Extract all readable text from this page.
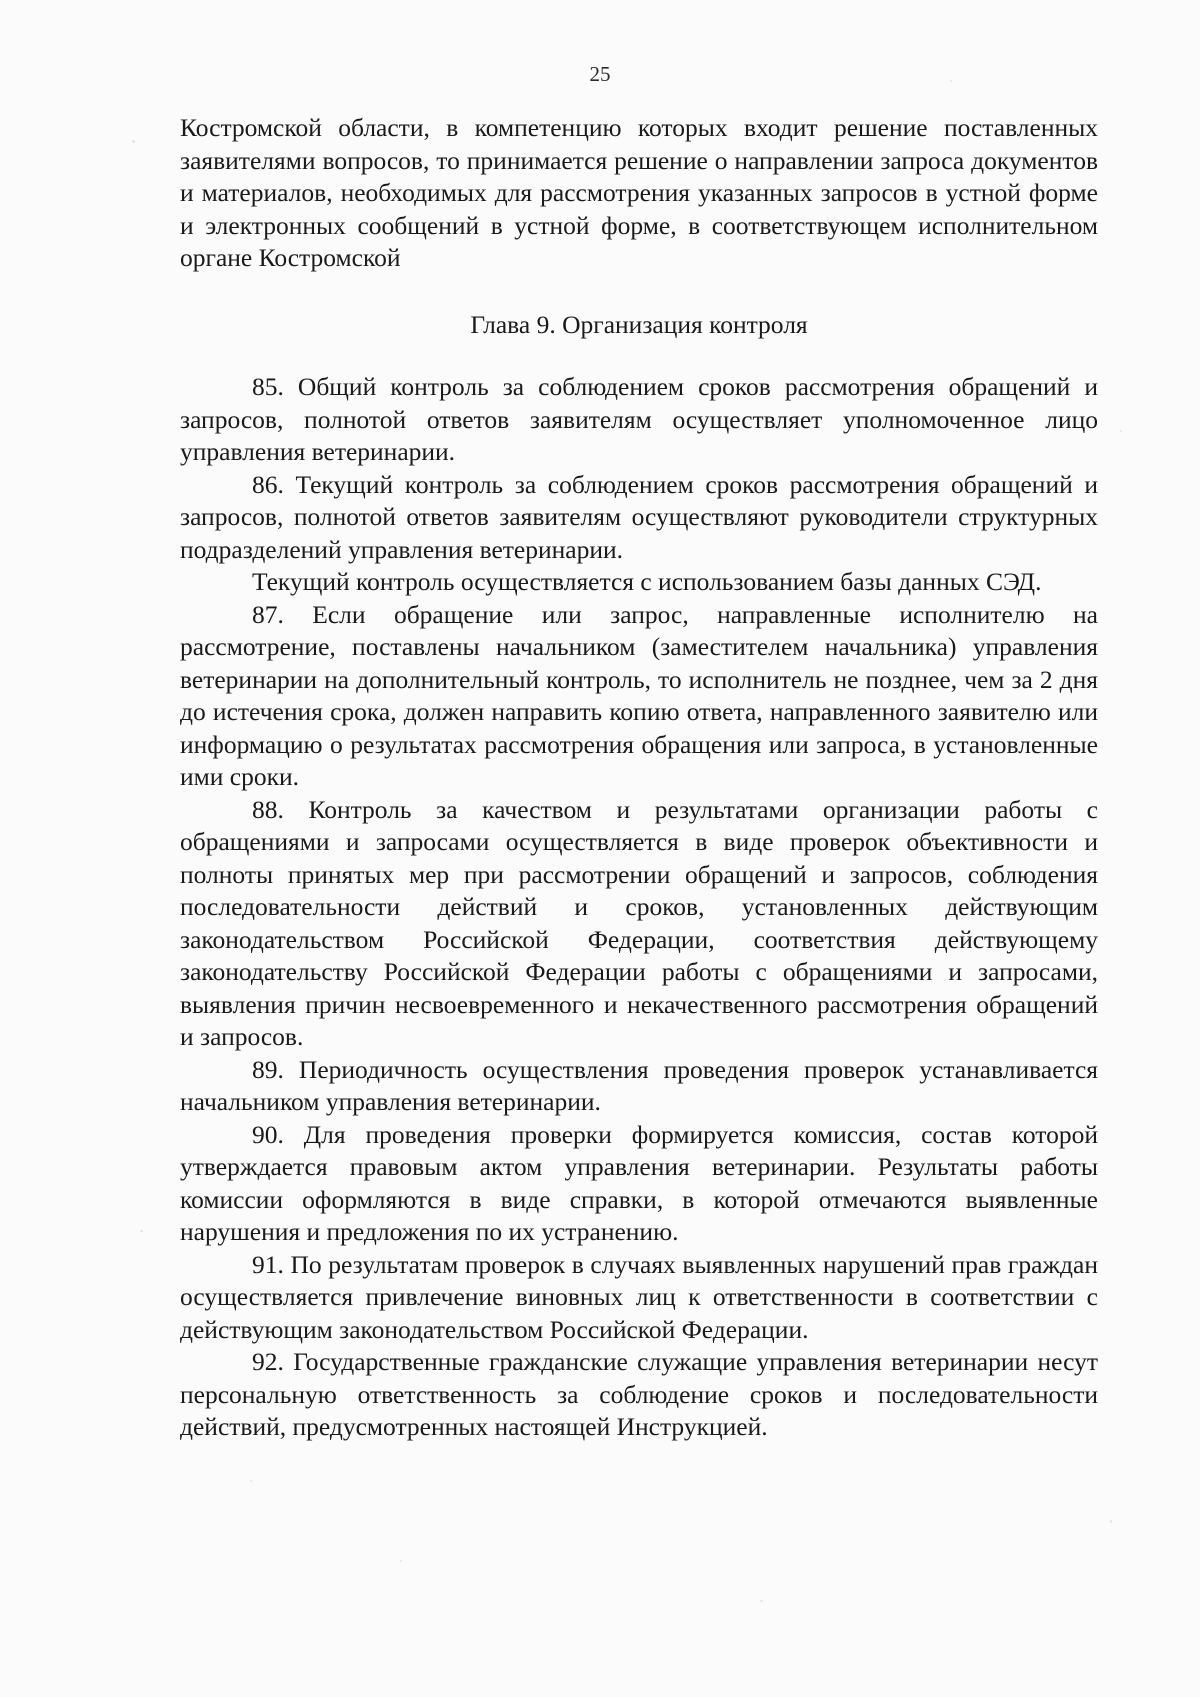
25

Костромской области, в компетенцию которых входит решение поставленных заявителями вопросов, то принимается решение о направлении запроса документов и материалов, необходимых для рассмотрения указанных запросов в устной форме и электронных сообщений в устной форме, в соответствующем исполнительном органе Костромской

Глава 9. Организация контроля

85. Общий контроль за соблюдением сроков рассмотрения обращений и запросов, полнотой ответов заявителям осуществляет уполномоченное лицо управления ветеринарии.

86. Текущий контроль за соблюдением сроков рассмотрения обращений и запросов, полнотой ответов заявителям осуществляют руководители структурных подразделений управления ветеринарии.

Текущий контроль осуществляется с использованием базы данных СЭД.

87. Если обращение или запрос, направленные исполнителю на рассмотрение, поставлены начальником (заместителем начальника) управления ветеринарии на дополнительный контроль, то исполнитель не позднее, чем за 2 дня до истечения срока, должен направить копию ответа, направленного заявителю или информацию о результатах рассмотрения обращения или запроса, в установленные ими сроки.

88. Контроль за качеством и результатами организации работы с обращениями и запросами осуществляется в виде проверок объективности и полноты принятых мер при рассмотрении обращений и запросов, соблюдения последовательности действий и сроков, установленных действующим законодательством Российской Федерации, соответствия действующему законодательству Российской Федерации работы с обращениями и запросами, выявления причин несвоевременного и некачественного рассмотрения обращений и запросов.

89. Периодичность осуществления проведения проверок устанавливается начальником управления ветеринарии.

90. Для проведения проверки формируется комиссия, состав которой утверждается правовым актом управления ветеринарии. Результаты работы комиссии оформляются в виде справки, в которой отмечаются выявленные нарушения и предложения по их устранению.

91. По результатам проверок в случаях выявленных нарушений прав граждан осуществляется привлечение виновных лиц к ответственности в соответствии с действующим законодательством Российской Федерации.

92. Государственные гражданские служащие управления ветеринарии несут персональную ответственность за соблюдение сроков и последовательности действий, предусмотренных настоящей Инструкцией.
